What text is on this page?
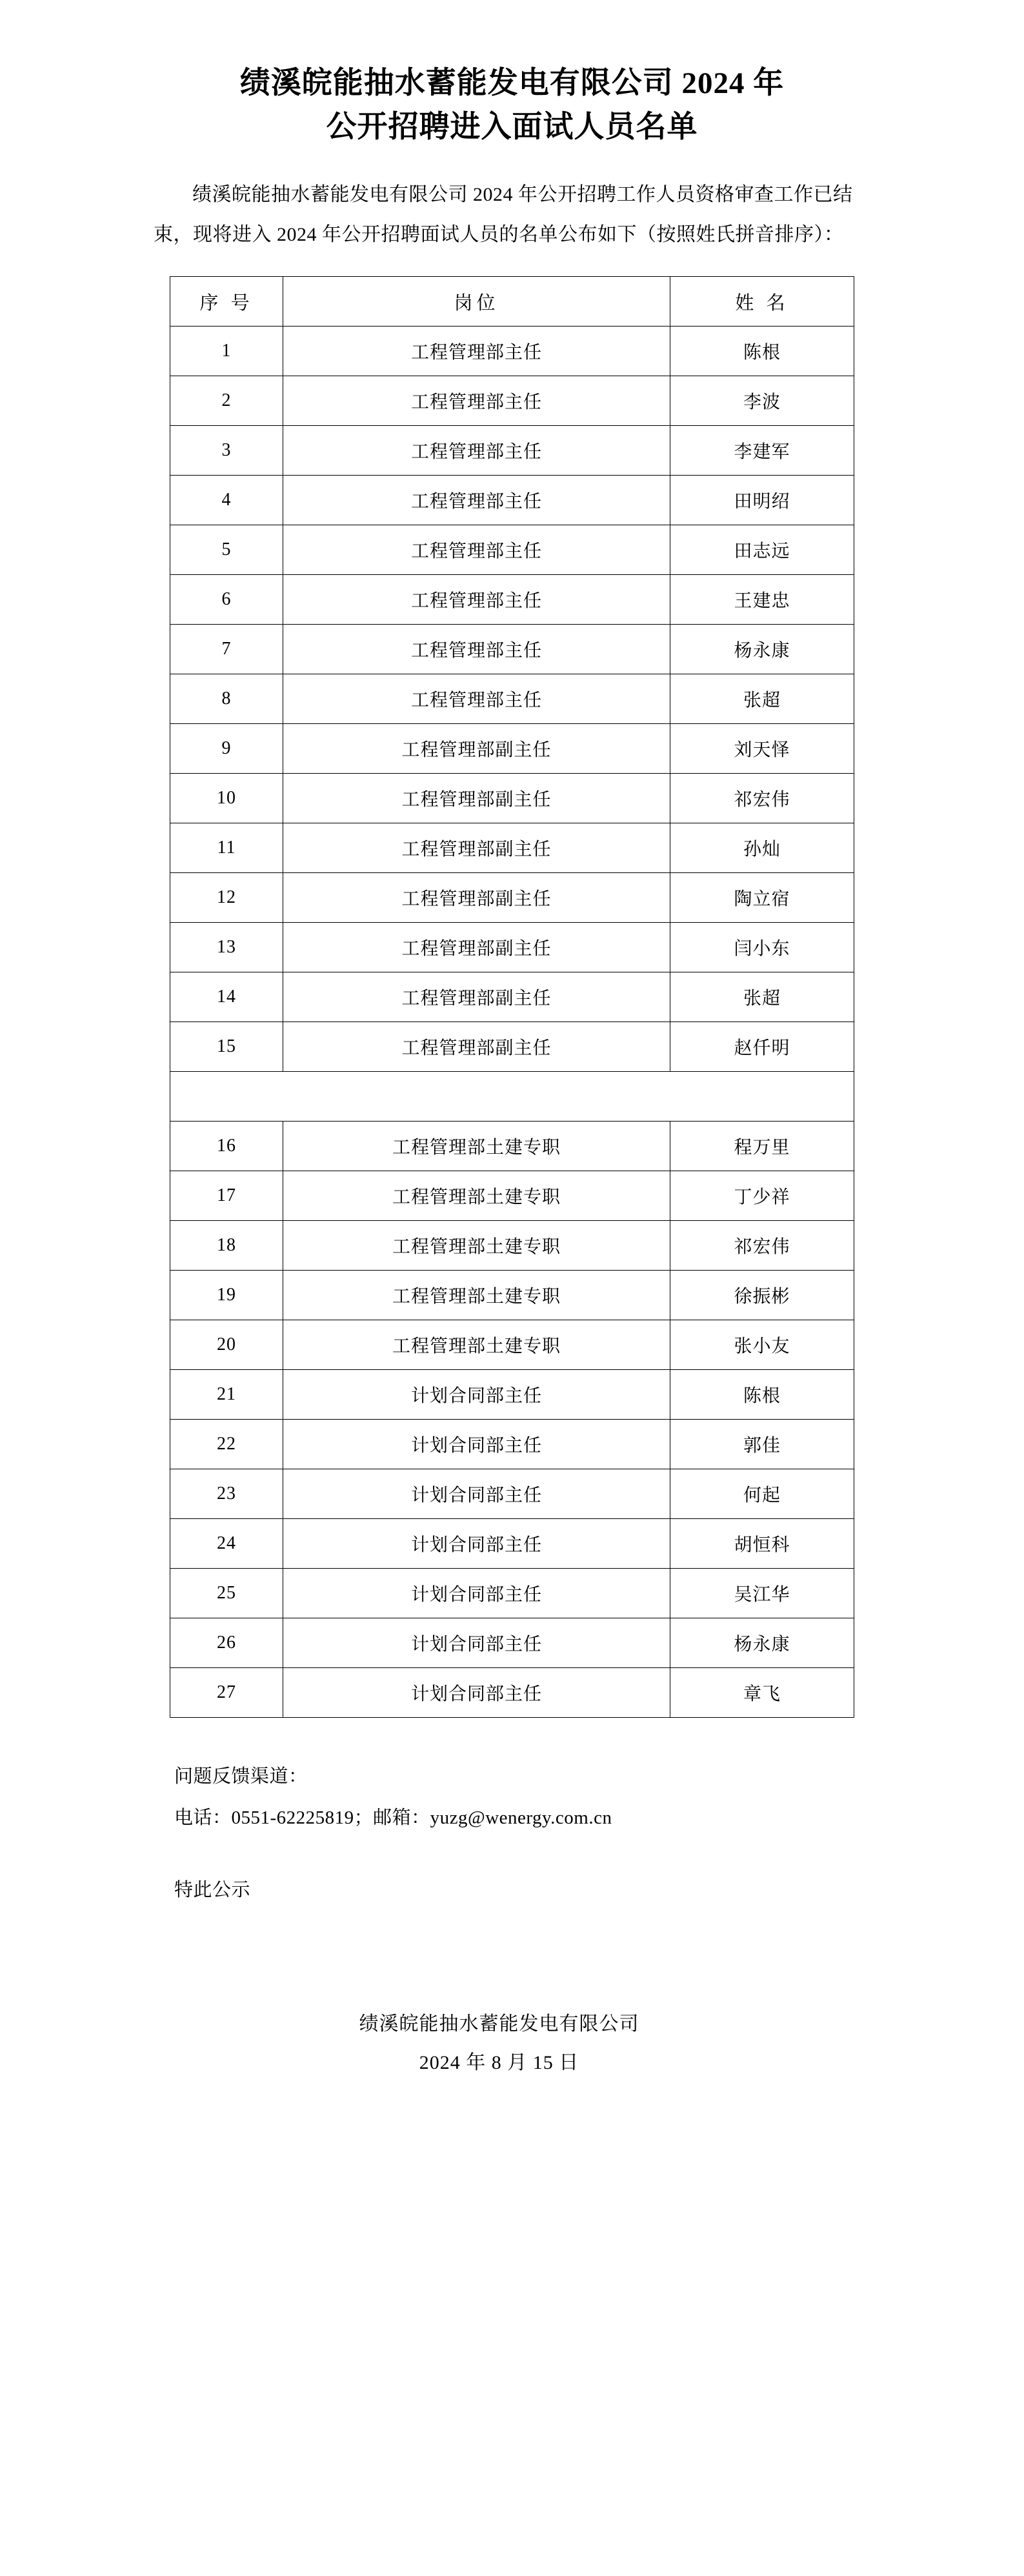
绩溪皖能抽水蓄能发电有限公司 2024 年
公开招聘进入面试人员名单

绩溪皖能抽水蓄能发电有限公司 2024 年公开招聘工作人员资格审查工作已结束，现将进入 2024 年公开招聘面试人员的名单公布如下（按照姓氏拼音排序）：

序 号	岗位	姓 名
1	工程管理部主任	陈根
2	工程管理部主任	李波
3	工程管理部主任	李建军
4	工程管理部主任	田明绍
5	工程管理部主任	田志远
6	工程管理部主任	王建忠
7	工程管理部主任	杨永康
8	工程管理部主任	张超
9	工程管理部副主任	刘天怿
10	工程管理部副主任	祁宏伟
11	工程管理部副主任	孙灿
12	工程管理部副主任	陶立宿
13	工程管理部副主任	闫小东
14	工程管理部副主任	张超
15	工程管理部副主任	赵仟明

16	工程管理部土建专职	程万里
17	工程管理部土建专职	丁少祥
18	工程管理部土建专职	祁宏伟
19	工程管理部土建专职	徐振彬
20	工程管理部土建专职	张小友
21	计划合同部主任	陈根
22	计划合同部主任	郭佳
23	计划合同部主任	何起
24	计划合同部主任	胡恒科
25	计划合同部主任	吴江华
26	计划合同部主任	杨永康
27	计划合同部主任	章飞
问题反馈渠道：
电话：0551-62225819；邮箱：yuzg@wenergy.com.cn
特此公示
绩溪皖能抽水蓄能发电有限公司
2024 年 8 月 15 日
